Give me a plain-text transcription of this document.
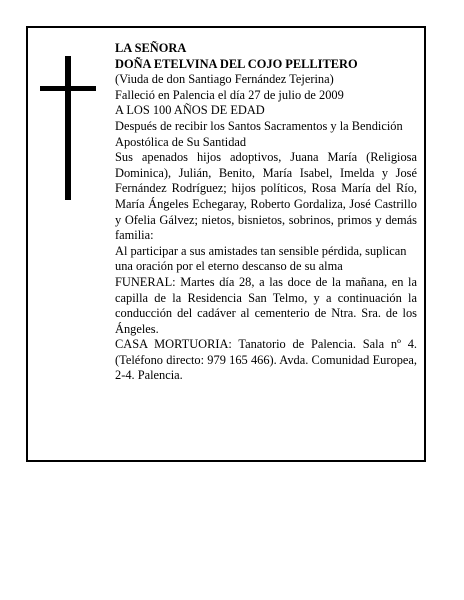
LA SEÑORA

DOÑA ETELVINA DEL COJO PELLITERO

(Viuda de don Santiago Fernández Tejerina)

Falleció en Palencia el día 27 de julio de 2009

A LOS 100 AÑOS DE EDAD

Después de recibir los Santos Sacramentos y la Bendición Apostólica de Su Santidad

Sus apenados hijos adoptivos, Juana María (Religiosa Dominica), Julián, Benito, María Isabel, Imelda y José Fernández Rodríguez; hijos políticos, Rosa María del Río, María Ángeles Echegaray, Roberto Gordaliza, José Castrillo y Ofelia Gálvez; nietos, bisnietos, sobrinos, primos y demás familia:

Al participar a sus amistades tan sensible pérdida, suplican una oración por el eterno descanso de su alma

FUNERAL: Martes día 28, a las doce de la mañana, en la capilla de la Residencia San Telmo, y a continuación la conducción del cadáver al cementerio de Ntra. Sra. de los Ángeles.

CASA MORTUORIA: Tanatorio de Palencia. Sala nº 4. (Teléfono directo: 979 165 466). Avda. Comunidad Europea, 2-4. Palencia.
